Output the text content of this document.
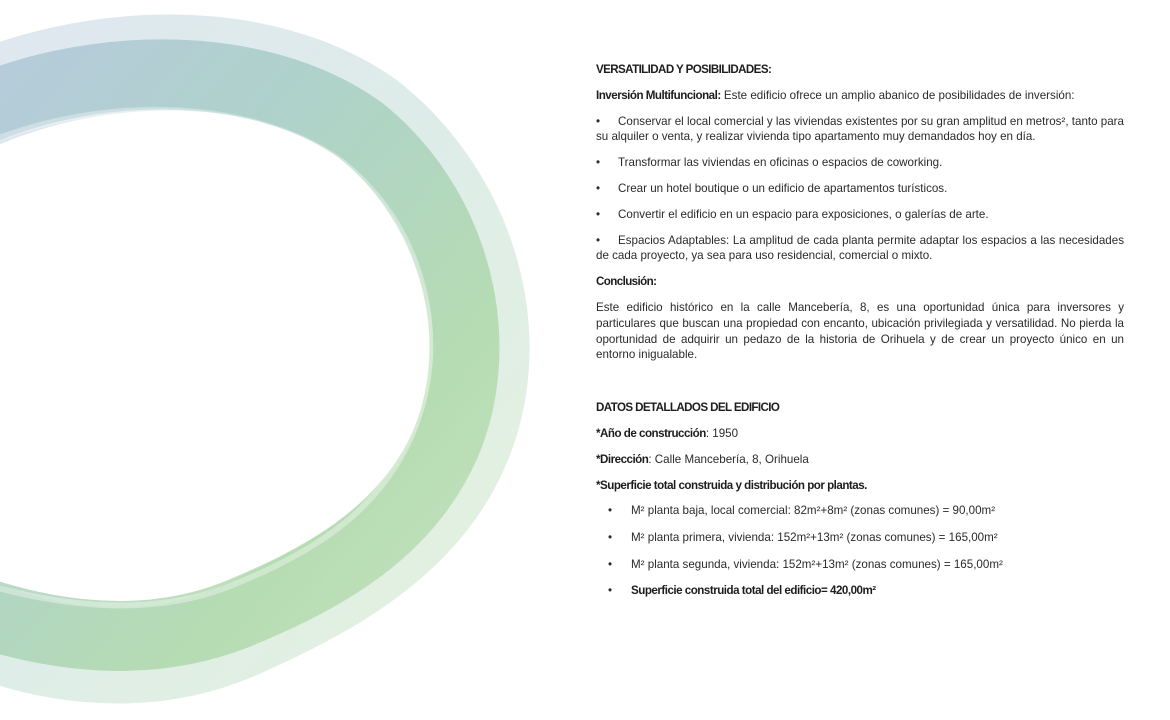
VERSATILIDAD Y POSIBILIDADES:
Inversión Multifuncional: Este edificio ofrece un amplio abanico de posibilidades de inversión:
• Conservar el local comercial y las viviendas existentes por su gran amplitud en metros², tanto para su alquiler o venta, y realizar vivienda tipo apartamento muy demandados hoy en día.
• Transformar las viviendas en oficinas o espacios de coworking.
• Crear un hotel boutique o un edificio de apartamentos turísticos.
• Convertir el edificio en un espacio para exposiciones, o galerías de arte.
• Espacios Adaptables: La amplitud de cada planta permite adaptar los espacios a las necesidades de cada proyecto, ya sea para uso residencial, comercial o mixto.
Conclusión:
Este edificio histórico en la calle Mancebería, 8, es una oportunidad única para inversores y particulares que buscan una propiedad con encanto, ubicación privilegiada y versatilidad. No pierda la oportunidad de adquirir un pedazo de la historia de Orihuela y de crear un proyecto único en un entorno inigualable.
DATOS DETALLADOS DEL EDIFICIO
*Año de construcción: 1950
*Dirección: Calle Mancebería, 8, Orihuela
*Superficie total construida y distribución por plantas.
• M² planta baja, local comercial: 82m²+8m² (zonas comunes) = 90,00m²
• M² planta primera, vivienda: 152m²+13m² (zonas comunes) = 165,00m²
• M² planta segunda, vivienda: 152m²+13m² (zonas comunes) = 165,00m²
• Superficie construida total del edificio= 420,00m²
